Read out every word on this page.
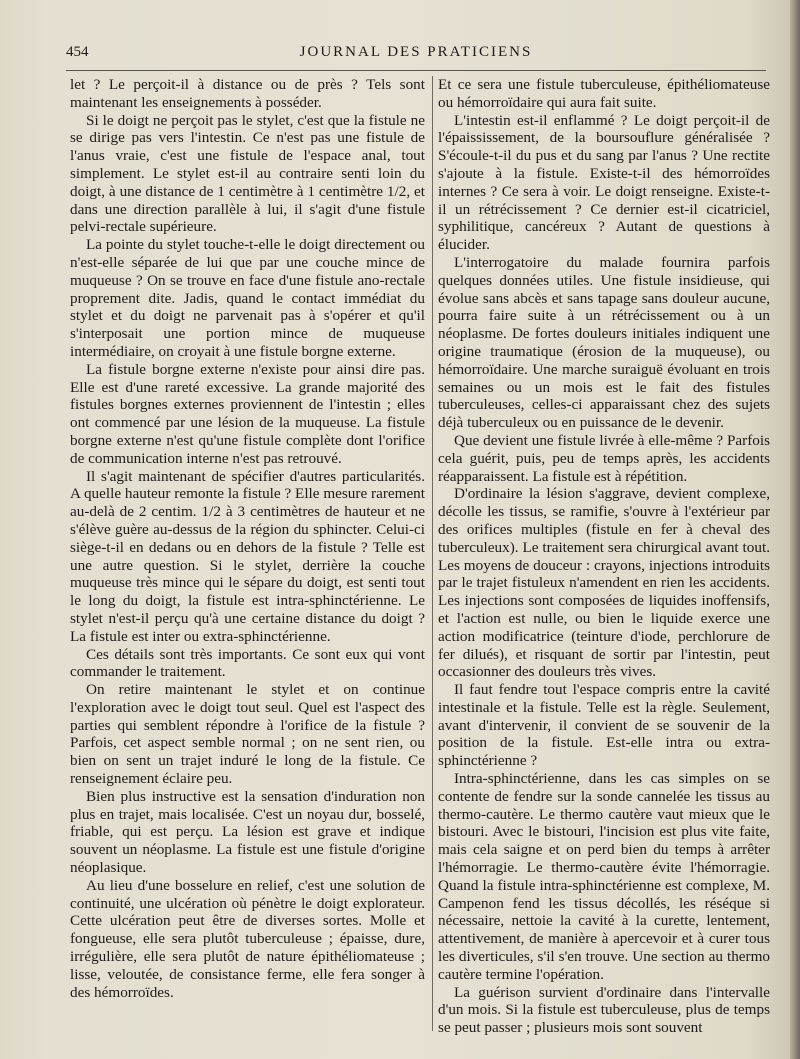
454	JOURNAL DES PRATICIENS

let ? Le perçoit-il à distance ou de près ? Tels sont maintenant les enseignements à posséder.

Si le doigt ne perçoit pas le stylet, c'est que la fistule ne se dirige pas vers l'intestin. Ce n'est pas une fistule de l'anus vraie, c'est une fistule de l'espace anal, tout simplement. Le stylet est-il au contraire senti loin du doigt, à une distance de 1 centimètre à 1 centimètre 1/2, et dans une direction parallèle à lui, il s'agit d'une fistule pelvi-rectale supérieure.

La pointe du stylet touche-t-elle le doigt directement ou n'est-elle séparée de lui que par une couche mince de muqueuse ? On se trouve en face d'une fistule ano-rectale proprement dite. Jadis, quand le contact immédiat du stylet et du doigt ne parvenait pas à s'opérer et qu'il s'interposait une portion mince de muqueuse intermédiaire, on croyait à une fistule borgne externe.

La fistule borgne externe n'existe pour ainsi dire pas. Elle est d'une rareté excessive. La grande majorité des fistules borgnes externes proviennent de l'intestin ; elles ont commencé par une lésion de la muqueuse. La fistule borgne externe n'est qu'une fistule complète dont l'orifice de communication interne n'est pas retrouvé.

Il s'agit maintenant de spécifier d'autres particularités. A quelle hauteur remonte la fistule ? Elle mesure rarement au-delà de 2 centim. 1/2 à 3 centimètres de hauteur et ne s'élève guère au-dessus de la région du sphincter. Celui-ci siège-t-il en dedans ou en dehors de la fistule ? Telle est une autre question. Si le stylet, derrière la couche muqueuse très mince qui le sépare du doigt, est senti tout le long du doigt, la fistule est intra-sphinctérienne. Le stylet n'est-il perçu qu'à une certaine distance du doigt ? La fistule est inter ou extra-sphinctérienne.

Ces détails sont très importants. Ce sont eux qui vont commander le traitement.

On retire maintenant le stylet et on continue l'exploration avec le doigt tout seul. Quel est l'aspect des parties qui semblent répondre à l'orifice de la fistule ? Parfois, cet aspect semble normal ; on ne sent rien, ou bien on sent un trajet induré le long de la fistule. Ce renseignement éclaire peu.

Bien plus instructive est la sensation d'induration non plus en trajet, mais localisée. C'est un noyau dur, bosselé, friable, qui est perçu. La lésion est grave et indique souvent un néoplasme. La fistule est une fistule d'origine néoplasique.

Au lieu d'une bosselure en relief, c'est une solution de continuité, une ulcération où pénètre le doigt explorateur. Cette ulcération peut être de diverses sortes. Molle et fongueuse, elle sera plutôt tuberculeuse ; épaisse, dure, irrégulière, elle sera plutôt de nature épithéliomateuse ; lisse, veloutée, de consistance ferme, elle fera songer à des hémorroïdes.

Et ce sera une fistule tuberculeuse, épithéliomateuse ou hémorroïdaire qui aura fait suite.

L'intestin est-il enflammé ? Le doigt perçoit-il de l'épaississement, de la boursouflure généralisée ? S'écoule-t-il du pus et du sang par l'anus ? Une rectite s'ajoute à la fistule. Existe-t-il des hémorroïdes internes ? Ce sera à voir. Le doigt renseigne. Existe-t-il un rétrécissement ? Ce dernier est-il cicatriciel, syphilitique, cancéreux ? Autant de questions à élucider.

L'interrogatoire du malade fournira parfois quelques données utiles. Une fistule insidieuse, qui évolue sans abcès et sans tapage sans douleur aucune, pourra faire suite à un rétrécissement ou à un néoplasme. De fortes douleurs initiales indiquent une origine traumatique (érosion de la muqueuse), ou hémorroïdaire. Une marche suraiguë évoluant en trois semaines ou un mois est le fait des fistules tuberculeuses, celles-ci apparaissant chez des sujets déjà tuberculeux ou en puissance de le devenir.

Que devient une fistule livrée à elle-même ? Parfois cela guérit, puis, peu de temps après, les accidents réapparaissent. La fistule est à répétition.

D'ordinaire la lésion s'aggrave, devient complexe, décolle les tissus, se ramifie, s'ouvre à l'extérieur par des orifices multiples (fistule en fer à cheval des tuberculeux). Le traitement sera chirurgical avant tout. Les moyens de douceur : crayons, injections introduits par le trajet fistuleux n'amendent en rien les accidents. Les injections sont composées de liquides inoffensifs, et l'action est nulle, ou bien le liquide exerce une action modificatrice (teinture d'iode, perchlorure de fer dilués), et risquant de sortir par l'intestin, peut occasionner des douleurs très vives.

Il faut fendre tout l'espace compris entre la cavité intestinale et la fistule. Telle est la règle. Seulement, avant d'intervenir, il convient de se souvenir de la position de la fistule. Est-elle intra ou extra-sphinctérienne ?

Intra-sphinctérienne, dans les cas simples on se contente de fendre sur la sonde cannelée les tissus au thermo-cautère. Le thermo cautère vaut mieux que le bistouri. Avec le bistouri, l'incision est plus vite faite, mais cela saigne et on perd bien du temps à arrêter l'hémorragie. Le thermo-cautère évite l'hémorragie. Quand la fistule intra-sphinctérienne est complexe, M. Campenon fend les tissus décollés, les réséque si nécessaire, nettoie la cavité à la curette, lentement, attentivement, de manière à apercevoir et à curer tous les diverticules, s'il s'en trouve. Une section au thermo cautère termine l'opération.

La guérison survient d'ordinaire dans l'intervalle d'un mois. Si la fistule est tuberculeuse, plus de temps se peut passer ; plusieurs mois sont souvent
